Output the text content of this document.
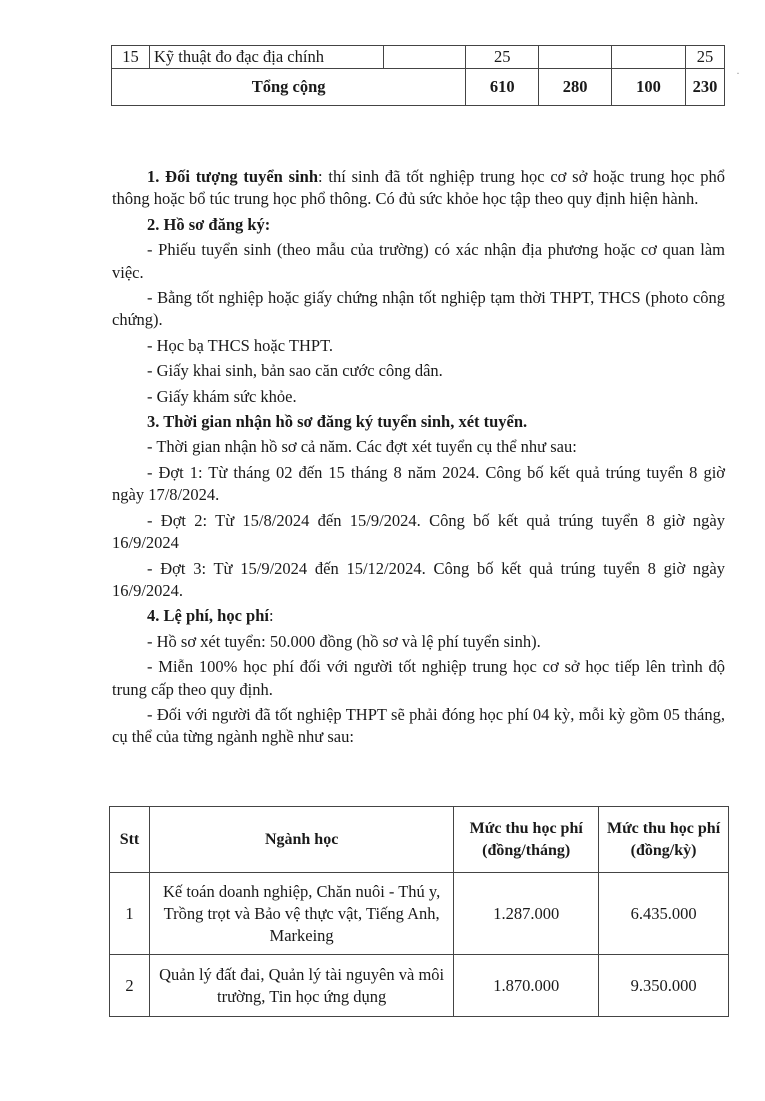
15	Kỹ thuật đo đạc địa chính		25			25
Tổng cộng			610	280	100	230
·

1. Đối tượng tuyển sinh: thí sinh đã tốt nghiệp trung học cơ sở hoặc trung học phổ thông hoặc bổ túc trung học phổ thông. Có đủ sức khỏe học tập theo quy định hiện hành.

2. Hồ sơ đăng ký:

- Phiếu tuyển sinh (theo mẫu của trường) có xác nhận địa phương hoặc cơ quan làm việc.

- Bằng tốt nghiệp hoặc giấy chứng nhận tốt nghiệp tạm thời THPT, THCS (photo công chứng).

- Học bạ THCS hoặc THPT.

- Giấy khai sinh, bản sao căn cước công dân.

- Giấy khám sức khỏe.

3. Thời gian nhận hồ sơ đăng ký tuyển sinh, xét tuyển.

- Thời gian nhận hồ sơ cả năm. Các đợt xét tuyển cụ thể như sau:

- Đợt 1: Từ tháng 02 đến 15 tháng 8 năm 2024. Công bố kết quả trúng tuyển 8 giờ ngày 17/8/2024.

- Đợt 2: Từ 15/8/2024 đến 15/9/2024. Công bố kết quả trúng tuyển 8 giờ ngày 16/9/2024

- Đợt 3: Từ 15/9/2024 đến 15/12/2024. Công bố kết quả trúng tuyển 8 giờ ngày 16/9/2024.

4. Lệ phí, học phí:

- Hồ sơ xét tuyển: 50.000 đồng (hồ sơ và lệ phí tuyển sinh).

- Miễn 100% học phí đối với người tốt nghiệp trung học cơ sở học tiếp lên trình độ trung cấp theo quy định.

- Đối với người đã tốt nghiệp THPT sẽ phải đóng học phí 04 kỳ, mỗi kỳ gồm 05 tháng, cụ thể của từng ngành nghề như sau:

Stt	Ngành học	Mức thu học phí (đồng/tháng)	Mức thu học phí (đồng/kỳ)
1	Kế toán doanh nghiệp, Chăn nuôi - Thú y, Trồng trọt và Bảo vệ thực vật, Tiếng Anh, Markeing	1.287.000	6.435.000
2	Quản lý đất đai, Quản lý tài nguyên và môi trường, Tin học ứng dụng	1.870.000	9.350.000
